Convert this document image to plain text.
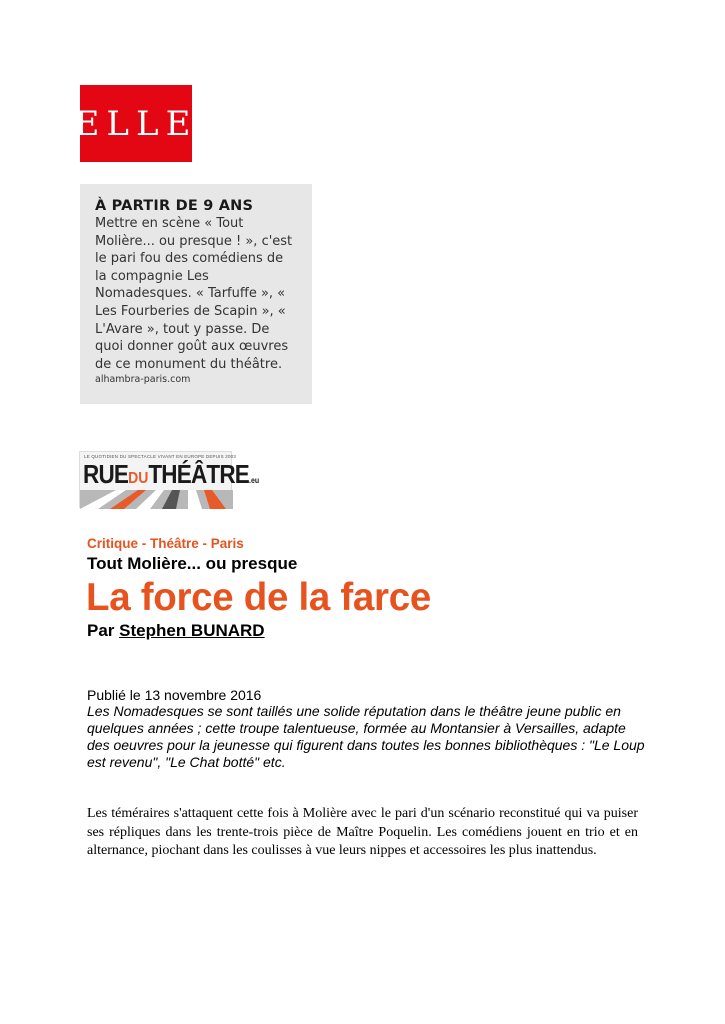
ELLE
À PARTIR DE 9 ANS
Mettre en scène « Tout Molière... ou presque ! », c'est le pari fou des comédiens de la compagnie Les Nomadesques. « Tarfuffe », « Les Fourberies de Scapin », « L'Avare », tout y passe. De quoi donner goût aux œuvres de ce monument du théâtre.
alhambra-paris.com
LE QUOTIDIEN DU SPECTACLE VIVANT EN EUROPE DEPUIS 2003
RUEDUTHÉÂTRE.eu
Critique - Théâtre - Paris
Tout Molière... ou presque
La force de la farce
Par Stephen BUNARD
Publié le 13 novembre 2016
Les Nomadesques se sont taillés une solide réputation dans le théâtre jeune public en quelques années ; cette troupe talentueuse, formée au Montansier à Versailles, adapte des oeuvres pour la jeunesse qui figurent dans toutes les bonnes bibliothèques : "Le Loup est revenu", "Le Chat botté" etc.

Les téméraires s'attaquent cette fois à Molière avec le pari d'un scénario reconstitué qui va puiser ses répliques dans les trente-trois pièce de Maître Poquelin. Les comédiens jouent en trio et en alternance, piochant dans les coulisses à vue leurs nippes et accessoires les plus inattendus.
